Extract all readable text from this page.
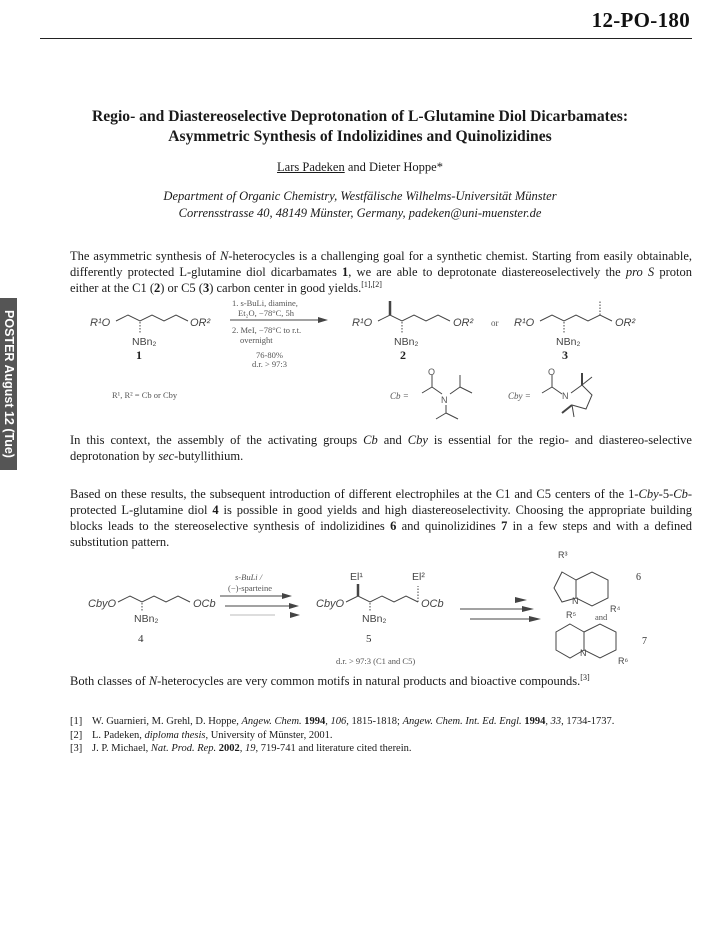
12-PO-180
POSTER August 12 (Tue)
Regio- and Diastereoselective Deprotonation of L-Glutamine Diol Dicarbamates:
Asymmetric Synthesis of Indolizidines and Quinolizidines
Lars Padeken and Dieter Hoppe*
Department of Organic Chemistry, Westfälische Wilhelms-Universität Münster
Corrensstrasse 40, 48149 Münster, Germany, padeken@uni-muenster.de
The asymmetric synthesis of N-heterocycles is a challenging goal for a synthetic chemist. Starting from easily obtainable, differently protected L-glutamine diol dicarbamates 1, we are able to deprotonate diastereoselectively the pro S proton either at the C1 (2) or C5 (3) carbon center in good yields.[1],[2]
R¹O	OR²
NBn₂
1
1. s-BuLi, diamine,
Et₂O, −78°C, 5h
2. MeI, −78°C to r.t.
overnight
76-80%
d.r. > 97:3
R¹, R² = Cb or Cby
R¹O	OR²
NBn₂
2
or R¹O	OR²
NBn₂
3
Cb =
O
N	Cby =
O
N
In this context, the assembly of the activating groups Cb and Cby is essential for the regio- and diastereo-selective deprotonation by sec-butyllithium.
Based on these results, the subsequent introduction of different electrophiles at the C1 and C5 centers of the 1-Cby-5-Cb-protected L-glutamine diol 4 is possible in good yields and high diastereoselectivity. Choosing the appropriate building blocks leads to the stereoselective synthesis of indolizidines 6 and quinolizidines 7 in a few steps and with a defined substitution pattern.
CbyO	OCb
NBn₂
4
s-BuLi /
(−)-sparteine
CbyO
El¹	El²
OCb
NBn₂
5
d.r. > 97:3 (C1 and C5)
R³
N
R⁴
6
and
R⁵
N
R⁶
7
Both classes of N-heterocycles are very common motifs in natural products and bioactive compounds.[3]
[1] W. Guarnieri, M. Grehl, D. Hoppe, Angew. Chem. 1994, 106, 1815-1818; Angew. Chem. Int. Ed. Engl. 1994, 33, 1734-1737.
[2] L. Padeken, diploma thesis, University of Münster, 2001.
[3] J. P. Michael, Nat. Prod. Rep. 2002, 19, 719-741 and literature cited therein.
